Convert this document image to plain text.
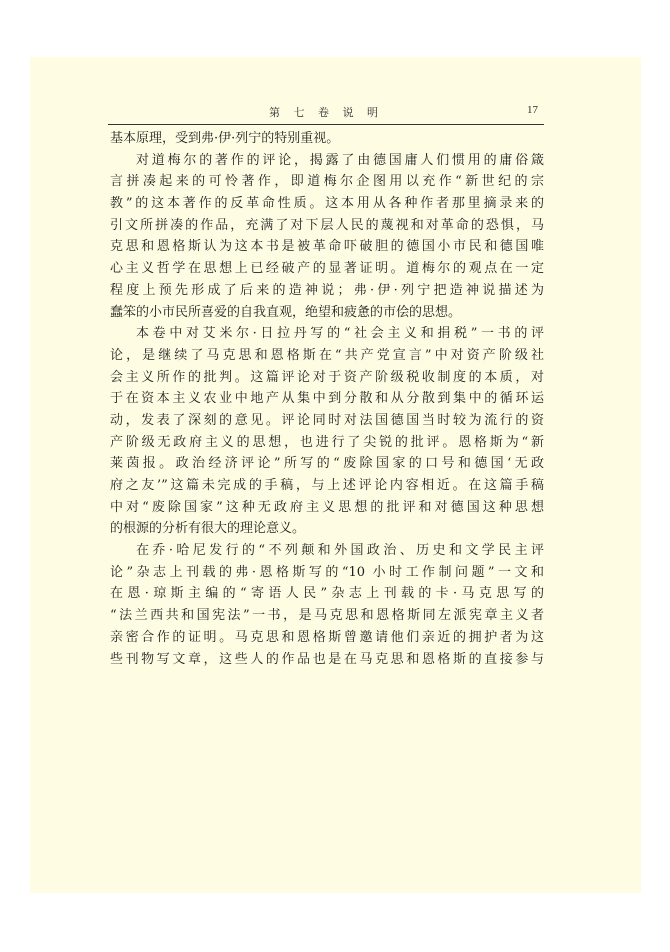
第 七 卷 说 明	17
基本原理，受到弗·伊·列宁的特别重视。
对道梅尔的著作的评论，揭露了由德国庸人们惯用的庸俗箴
言拼凑起来的可怜著作，即道梅尔企图用以充作“新世纪的宗
教”的这本著作的反革命性质。这本用从各种作者那里摘录来的
引文所拼凑的作品，充满了对下层人民的蔑视和对革命的恐惧，马
克思和恩格斯认为这本书是被革命吓破胆的德国小市民和德国唯
心主义哲学在思想上已经破产的显著证明。道梅尔的观点在一定
程度上预先形成了后来的造神说；弗·伊·列宁把造神说描述为
蠢笨的小市民所喜爱的自我直观，绝望和疲惫的市侩的思想。
本卷中对艾米尔·日拉丹写的“社会主义和捐税”一书的评
论，是继续了马克思和恩格斯在“共产党宣言”中对资产阶级社
会主义所作的批判。这篇评论对于资产阶级税收制度的本质，对
于在资本主义农业中地产从集中到分散和从分散到集中的循环运
动，发表了深刻的意见。评论同时对法国德国当时较为流行的资
产阶级无政府主义的思想，也进行了尖锐的批评。恩格斯为“新
莱茵报。政治经济评论”所写的“废除国家的口号和德国‘无政
府之友’”这篇未完成的手稿，与上述评论内容相近。在这篇手稿
中对“废除国家”这种无政府主义思想的批评和对德国这种思想
的根源的分析有很大的理论意义。
在乔·哈尼发行的“不列颠和外国政治、历史和文学民主评
论”杂志上刊载的弗·恩格斯写的“10 小时工作制问题”一文和
在恩·琼斯主编的“寄语人民”杂志上刊载的卡·马克思写的
“法兰西共和国宪法”一书，是马克思和恩格斯同左派宪章主义者
亲密合作的证明。马克思和恩格斯曾邀请他们亲近的拥护者为这
些刊物写文章，这些人的作品也是在马克思和恩格斯的直接参与
